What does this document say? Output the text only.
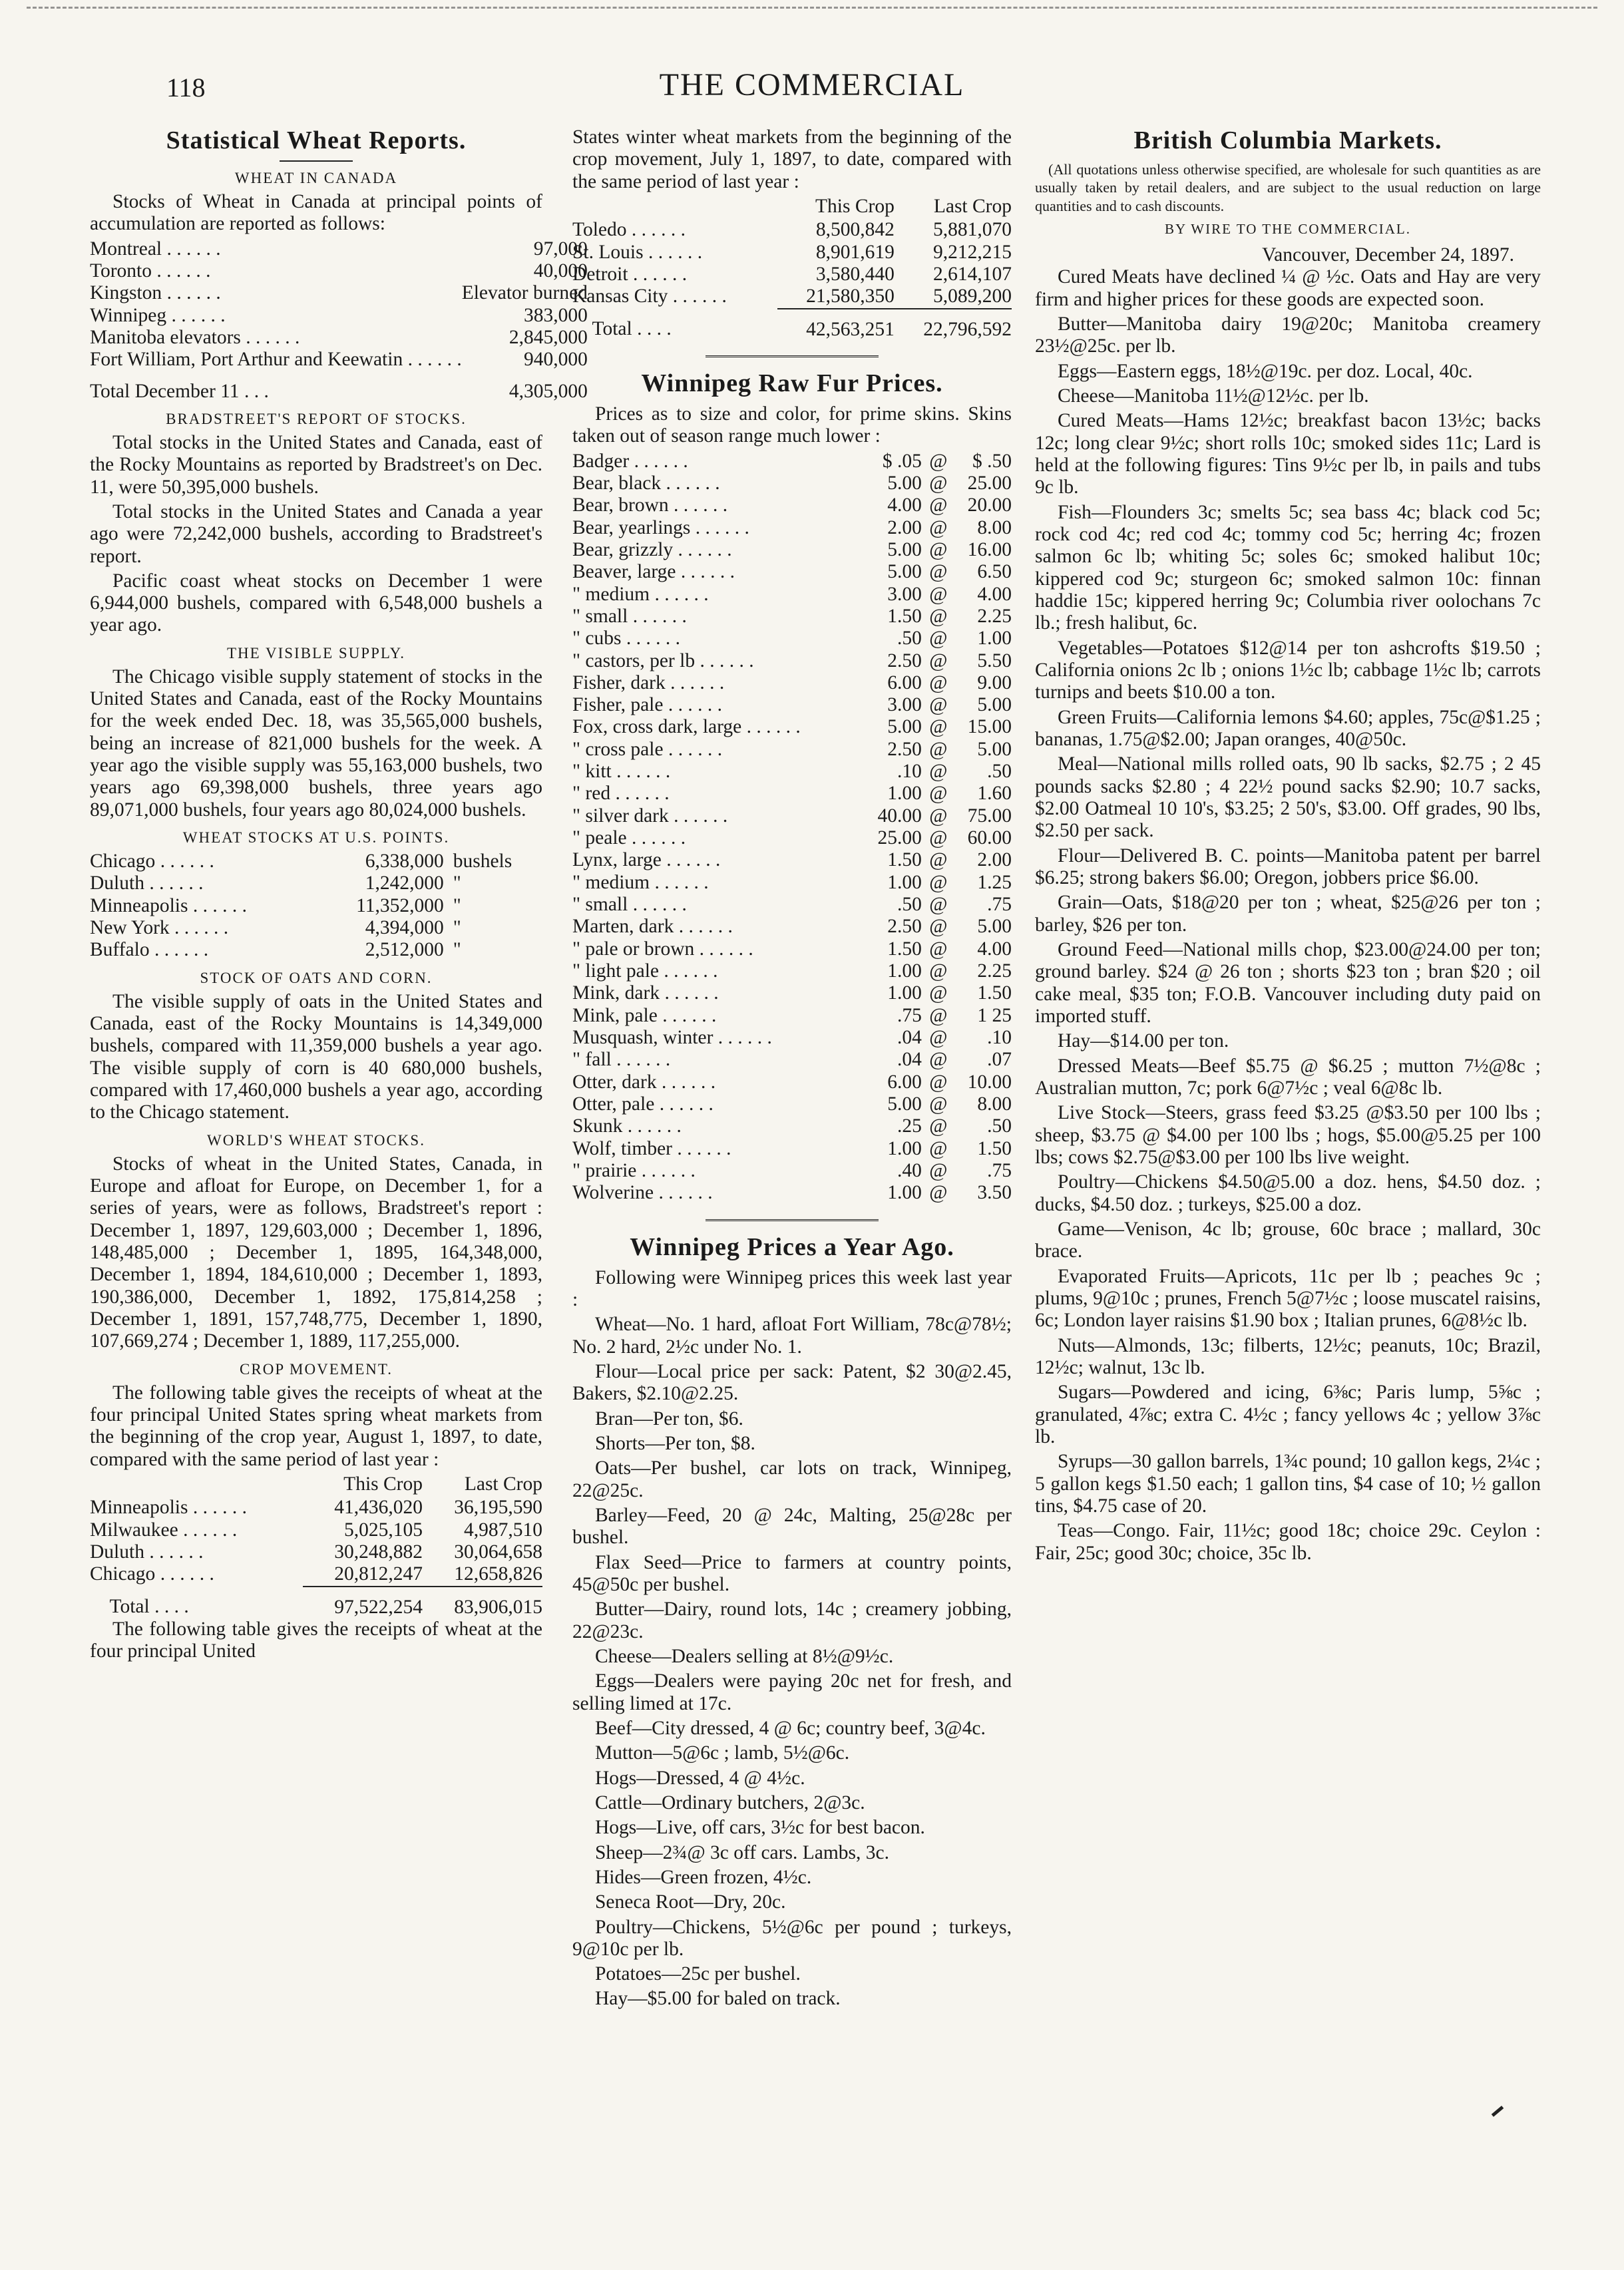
118	THE COMMERCIAL
Statistical Wheat Reports.
WHEAT IN CANADA

Stocks of Wheat in Canada at principal points of accumulation are reported as follows:

Montreal . . . . . .	97,000
Toronto . . . . . .	40,000
Kingston . . . . . .	Elevator burned
Winnipeg . . . . . .	383,000
Manitoba elevators . . . . . .	2,845,000
Fort William, Port Arthur and Keewatin . . . . . .	940,000
Total December 11 . . .	4,305,000
BRADSTREET'S REPORT OF STOCKS.

Total stocks in the United States and Canada, east of the Rocky Mountains as reported by Bradstreet's on Dec. 11, were 50,395,000 bushels.

Total stocks in the United States and Canada a year ago were 72,242,000 bushels, according to Bradstreet's report.

Pacific coast wheat stocks on December 1 were 6,944,000 bushels, compared with 6,548,000 bushels a year ago.

THE VISIBLE SUPPLY.

The Chicago visible supply statement of stocks in the United States and Canada, east of the Rocky Mountains for the week ended Dec. 18, was 35,565,000 bushels, being an increase of 821,000 bushels for the week. A year ago the visible supply was 55,163,000 bushels, two years ago 69,398,000 bushels, three years ago 89,071,000 bushels, four years ago 80,024,000 bushels.

WHEAT STOCKS AT U.S. POINTS.
Chicago . . . . . .	6,338,000	bushels
Duluth . . . . . .	1,242,000	"
Minneapolis . . . . . .	11,352,000	"
New York . . . . . .	4,394,000	"
Buffalo . . . . . .	2,512,000	"
STOCK OF OATS AND CORN.

The visible supply of oats in the United States and Canada, east of the Rocky Mountains is 14,349,000 bushels, compared with 11,359,000 bushels a year ago. The visible supply of corn is 40 680,000 bushels, compared with 17,460,000 bushels a year ago, according to the Chicago statement.

WORLD'S WHEAT STOCKS.

Stocks of wheat in the United States, Canada, in Europe and afloat for Europe, on December 1, for a series of years, were as follows, Bradstreet's report : December 1, 1897, 129,603,000 ; December 1, 1896, 148,485,000 ; December 1, 1895, 164,348,000, December 1, 1894, 184,610,000 ; December 1, 1893, 190,386,000, December 1, 1892, 175,814,258 ; December 1, 1891, 157,748,775, December 1, 1890, 107,669,274 ; December 1, 1889, 117,255,000.

CROP MOVEMENT.

The following table gives the receipts of wheat at the four principal United States spring wheat markets from the beginning of the crop year, August 1, 1897, to date, compared with the same period of last year :

	This Crop	Last Crop
Minneapolis . . . . . .	41,436,020	36,195,590
Milwaukee . . . . . .	5,025,105	4,987,510
Duluth . . . . . .	30,248,882	30,064,658
Chicago . . . . . .	20,812,247	12,658,826
Total . . . .	97,522,254	83,906,015

The following table gives the receipts of wheat at the four principal United

States winter wheat markets from the beginning of the crop movement, July 1, 1897, to date, compared with the same period of last year :

	This Crop	Last Crop
Toledo . . . . . .	8,500,842	5,881,070
St. Louis . . . . . .	8,901,619	9,212,215
Detroit . . . . . .	3,580,440	2,614,107
Kansas City . . . . . .	21,580,350	5,089,200
Total . . . .	42,563,251	22,796,592
Winnipeg Raw Fur Prices.

Prices as to size and color, for prime skins. Skins taken out of season range much lower :

Badger . . . . . .	$ .05	@	$ .50
Bear, black . . . . . .	5.00	@	25.00
Bear, brown . . . . . .	4.00	@	20.00
Bear, yearlings . . . . . .	2.00	@	8.00
Bear, grizzly . . . . . .	5.00	@	16.00
Beaver, large . . . . . .	5.00	@	6.50
" medium . . . . . .	3.00	@	4.00
" small . . . . . .	1.50	@	2.25
" cubs . . . . . .	.50	@	1.00
" castors, per lb . . . . . .	2.50	@	5.50
Fisher, dark . . . . . .	6.00	@	9.00
Fisher, pale . . . . . .	3.00	@	5.00
Fox, cross dark, large . . . . . .	5.00	@	15.00
" cross pale . . . . . .	2.50	@	5.00
" kitt . . . . . .	.10	@	.50
" red . . . . . .	1.00	@	1.60
" silver dark . . . . . .	40.00	@	75.00
" peale . . . . . .	25.00	@	60.00
Lynx, large . . . . . .	1.50	@	2.00
" medium . . . . . .	1.00	@	1.25
" small . . . . . .	.50	@	.75
Marten, dark . . . . . .	2.50	@	5.00
" pale or brown . . . . . .	1.50	@	4.00
" light pale . . . . . .	1.00	@	2.25
Mink, dark . . . . . .	1.00	@	1.50
Mink, pale . . . . . .	.75	@	1 25
Musquash, winter . . . . . .	.04	@	.10
" fall . . . . . .	.04	@	.07
Otter, dark . . . . . .	6.00	@	10.00
Otter, pale . . . . . .	5.00	@	8.00
Skunk . . . . . .	.25	@	.50
Wolf, timber . . . . . .	1.00	@	1.50
" prairie . . . . . .	.40	@	.75
Wolverine . . . . . .	1.00	@	3.50
Winnipeg Prices a Year Ago.

Following were Winnipeg prices this week last year :

Wheat—No. 1 hard, afloat Fort William, 78c@78½; No. 2 hard, 2½c under No. 1.

Flour—Local price per sack: Patent, $2 30@2.45, Bakers, $2.10@2.25.

Bran—Per ton, $6.

Shorts—Per ton, $8.

Oats—Per bushel, car lots on track, Winnipeg, 22@25c.

Barley—Feed, 20 @ 24c, Malting, 25@28c per bushel.

Flax Seed—Price to farmers at country points, 45@50c per bushel.

Butter—Dairy, round lots, 14c ; creamery jobbing, 22@23c.

Cheese—Dealers selling at 8½@9½c.

Eggs—Dealers were paying 20c net for fresh, and selling limed at 17c.

Beef—City dressed, 4 @ 6c; country beef, 3@4c.

Mutton—5@6c ; lamb, 5½@6c.

Hogs—Dressed, 4 @ 4½c.

Cattle—Ordinary butchers, 2@3c.

Hogs—Live, off cars, 3½c for best bacon.

Sheep—2¾@ 3c off cars. Lambs, 3c.

Hides—Green frozen, 4½c.

Seneca Root—Dry, 20c.

Poultry—Chickens, 5½@6c per pound ; turkeys, 9@10c per lb.

Potatoes—25c per bushel.

Hay—$5.00 for baled on track.

British Columbia Markets.

(All quotations unless otherwise specified, are wholesale for such quantities as are usually taken by retail dealers, and are subject to the usual reduction on large quantities and to cash discounts.

BY WIRE TO THE COMMERCIAL.
Vancouver, December 24, 1897.

Cured Meats have declined ¼ @ ½c. Oats and Hay are very firm and higher prices for these goods are expected soon.

Butter—Manitoba dairy 19@20c; Manitoba creamery 23½@25c. per lb.

Eggs—Eastern eggs, 18½@19c. per doz. Local, 40c.

Cheese—Manitoba 11½@12½c. per lb.

Cured Meats—Hams 12½c; breakfast bacon 13½c; backs 12c; long clear 9½c; short rolls 10c; smoked sides 11c; Lard is held at the following figures: Tins 9½c per lb, in pails and tubs 9c lb.

Fish—Flounders 3c; smelts 5c; sea bass 4c; black cod 5c; rock cod 4c; red cod 4c; tommy cod 5c; herring 4c; frozen salmon 6c lb; whiting 5c; soles 6c; smoked halibut 10c; kippered cod 9c; sturgeon 6c; smoked salmon 10c: finnan haddie 15c; kippered herring 9c; Columbia river oolochans 7c lb.; fresh halibut, 6c.

Vegetables—Potatoes $12@14 per ton ashcrofts $19.50 ; California onions 2c lb ; onions 1½c lb; cabbage 1½c lb; carrots turnips and beets $10.00 a ton.

Green Fruits—California lemons $4.60; apples, 75c@$1.25 ; bananas, 1.75@$2.00; Japan oranges, 40@50c.

Meal—National mills rolled oats, 90 lb sacks, $2.75 ; 2 45 pounds sacks $2.80 ; 4 22½ pound sacks $2.90; 10.7 sacks, $2.00 Oatmeal 10 10's, $3.25; 2 50's, $3.00. Off grades, 90 lbs, $2.50 per sack.

Flour—Delivered B. C. points—Manitoba patent per barrel $6.25; strong bakers $6.00; Oregon, jobbers price $6.00.

Grain—Oats, $18@20 per ton ; wheat, $25@26 per ton ; barley, $26 per ton.

Ground Feed—National mills chop, $23.00@24.00 per ton; ground barley. $24 @ 26 ton ; shorts $23 ton ; bran $20 ; oil cake meal, $35 ton; F.O.B. Vancouver including duty paid on imported stuff.

Hay—$14.00 per ton.

Dressed Meats—Beef $5.75 @ $6.25 ; mutton 7½@8c ; Australian mutton, 7c; pork 6@7½c ; veal 6@8c lb.

Live Stock—Steers, grass feed $3.25 @$3.50 per 100 lbs ; sheep, $3.75 @ $4.00 per 100 lbs ; hogs, $5.00@5.25 per 100 lbs; cows $2.75@$3.00 per 100 lbs live weight.

Poultry—Chickens $4.50@5.00 a doz. hens, $4.50 doz. ; ducks, $4.50 doz. ; turkeys, $25.00 a doz.

Game—Venison, 4c lb; grouse, 60c brace ; mallard, 30c brace.

Evaporated Fruits—Apricots, 11c per lb ; peaches 9c ; plums, 9@10c ; prunes, French 5@7½c ; loose muscatel raisins, 6c; London layer raisins $1.90 box ; Italian prunes, 6@8½c lb.

Nuts—Almonds, 13c; filberts, 12½c; peanuts, 10c; Brazil, 12½c; walnut, 13c lb.

Sugars—Powdered and icing, 6⅜c; Paris lump, 5⅝c ; granulated, 4⅞c; extra C. 4½c ; fancy yellows 4c ; yellow 3⅞c lb.

Syrups—30 gallon barrels, 1¾c pound; 10 gallon kegs, 2¼c ; 5 gallon kegs $1.50 each; 1 gallon tins, $4 case of 10; ½ gallon tins, $4.75 case of 20.

Teas—Congo. Fair, 11½c; good 18c; choice 29c. Ceylon : Fair, 25c; good 30c; choice, 35c lb.
